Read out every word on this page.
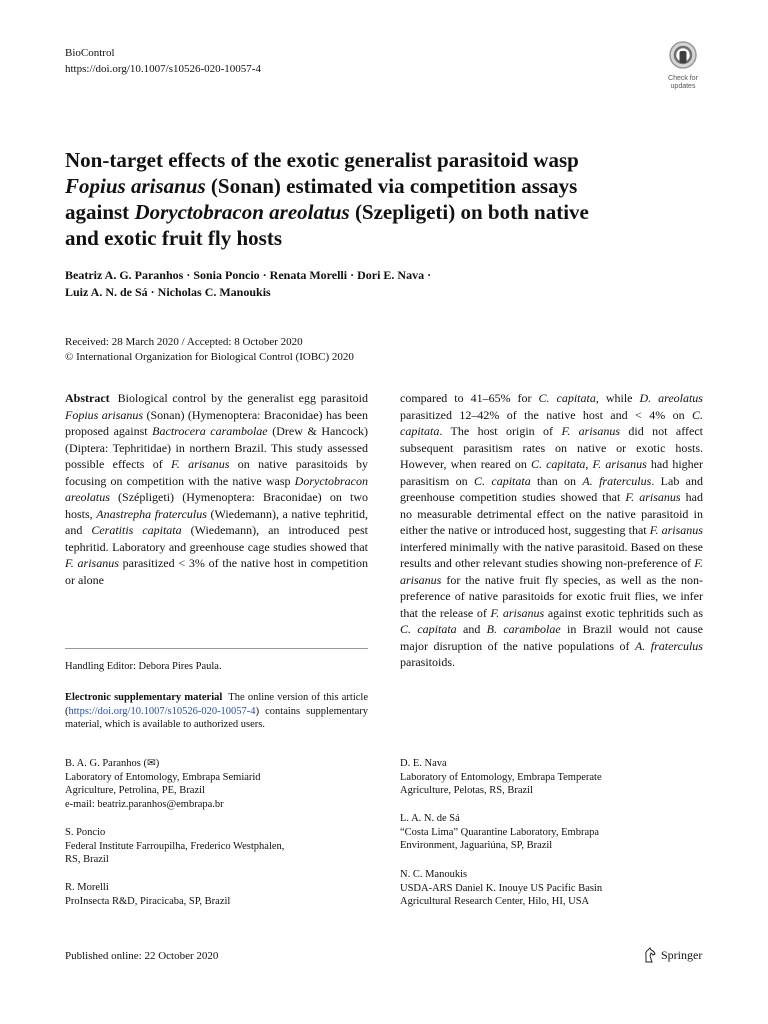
BioControl
https://doi.org/10.1007/s10526-020-10057-4
Check for updates
Non-target effects of the exotic generalist parasitoid wasp
Fopius arisanus (Sonan) estimated via competition assays
against Doryctobracon areolatus (Szepligeti) on both native
and exotic fruit fly hosts
Beatriz A. G. Paranhos · Sonia Poncio · Renata Morelli · Dori E. Nava ·
Luiz A. N. de Sá · Nicholas C. Manoukis
Received: 28 March 2020 / Accepted: 8 October 2020
© International Organization for Biological Control (IOBC) 2020
Abstract Biological control by the generalist egg parasitoid Fopius arisanus (Sonan) (Hymenoptera: Braconidae) has been proposed against Bactrocera carambolae (Drew & Hancock) (Diptera: Tephritidae) in northern Brazil. This study assessed possible effects of F. arisanus on native parasitoids by focusing on competition with the native wasp Doryctobracon areolatus (Szépligeti) (Hymenoptera: Braconidae) on two hosts, Anastrepha fraterculus (Wiedemann), a native tephritid, and Ceratitis capitata (Wiedemann), an introduced pest tephritid. Laboratory and greenhouse cage studies showed that F. arisanus parasitized < 3% of the native host in competition or alone
compared to 41–65% for C. capitata, while D. areolatus parasitized 12–42% of the native host and < 4% on C. capitata. The host origin of F. arisanus did not affect subsequent parasitism rates on native or exotic hosts. However, when reared on C. capitata, F. arisanus had higher parasitism on C. capitata than on A. fraterculus. Lab and greenhouse competition studies showed that F. arisanus had no measurable detrimental effect on the native parasitoid in either the native or introduced host, suggesting that F. arisanus interfered minimally with the native parasitoid. Based on these results and other relevant studies showing non-preference of F. arisanus for the native fruit fly species, as well as the non-preference of native parasitoids for exotic fruit flies, we infer that the release of F. arisanus against exotic tephritids such as C. capitata and B. carambolae in Brazil would not cause major disruption of the native populations of A. fraterculus parasitoids.
Handling Editor: Debora Pires Paula.
Electronic supplementary material The online version of this article (https://doi.org/10.1007/s10526-020-10057-4) contains supplementary material, which is available to authorized users.
B. A. G. Paranhos (✉)
Laboratory of Entomology, Embrapa Semiarid
Agriculture, Petrolina, PE, Brazil
e-mail: beatriz.paranhos@embrapa.br
S. Poncio
Federal Institute Farroupilha, Frederico Westphalen,
RS, Brazil
R. Morelli
ProInsecta R&D, Piracicaba, SP, Brazil
D. E. Nava
Laboratory of Entomology, Embrapa Temperate
Agriculture, Pelotas, RS, Brazil
L. A. N. de Sá
“Costa Lima” Quarantine Laboratory, Embrapa
Environment, Jaguariúna, SP, Brazil
N. C. Manoukis
USDA-ARS Daniel K. Inouye US Pacific Basin
Agricultural Research Center, Hilo, HI, USA
Published online: 22 October 2020	Springer
